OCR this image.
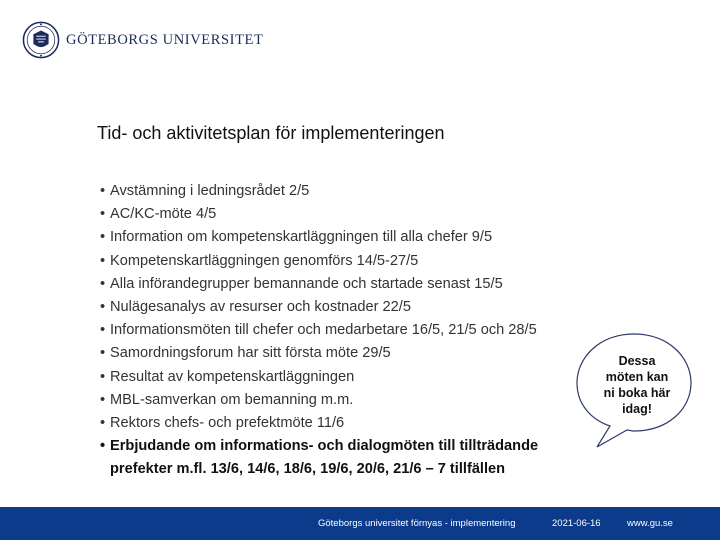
GÖTEBORGS UNIVERSITET
Tid- och aktivitetsplan för implementeringen
• Avstämning i ledningsrådet 2/5
• AC/KC-möte 4/5
• Information om kompetenskartläggningen till alla chefer 9/5
• Kompetenskartläggningen genomförs 14/5-27/5
• Alla införandegrupper bemannande och startade senast 15/5
• Nulägesanalys av resurser och kostnader 22/5
• Informationsmöten till chefer och medarbetare 16/5, 21/5 och 28/5
• Samordningsforum har sitt första möte 29/5
• Resultat av kompetenskartläggningen
• MBL-samverkan om bemanning m.m.
• Rektors chefs- och prefektmöte 11/6
• Erbjudande om informations- och dialogmöten till tillträdande prefekter m.fl. 13/6, 14/6, 18/6, 19/6, 20/6, 21/6 – 7 tillfällen
Dessa
möten kan
ni boka här
idag!
Göteborgs universitet förnyas - implementering	2021-06-16	www.gu.se
